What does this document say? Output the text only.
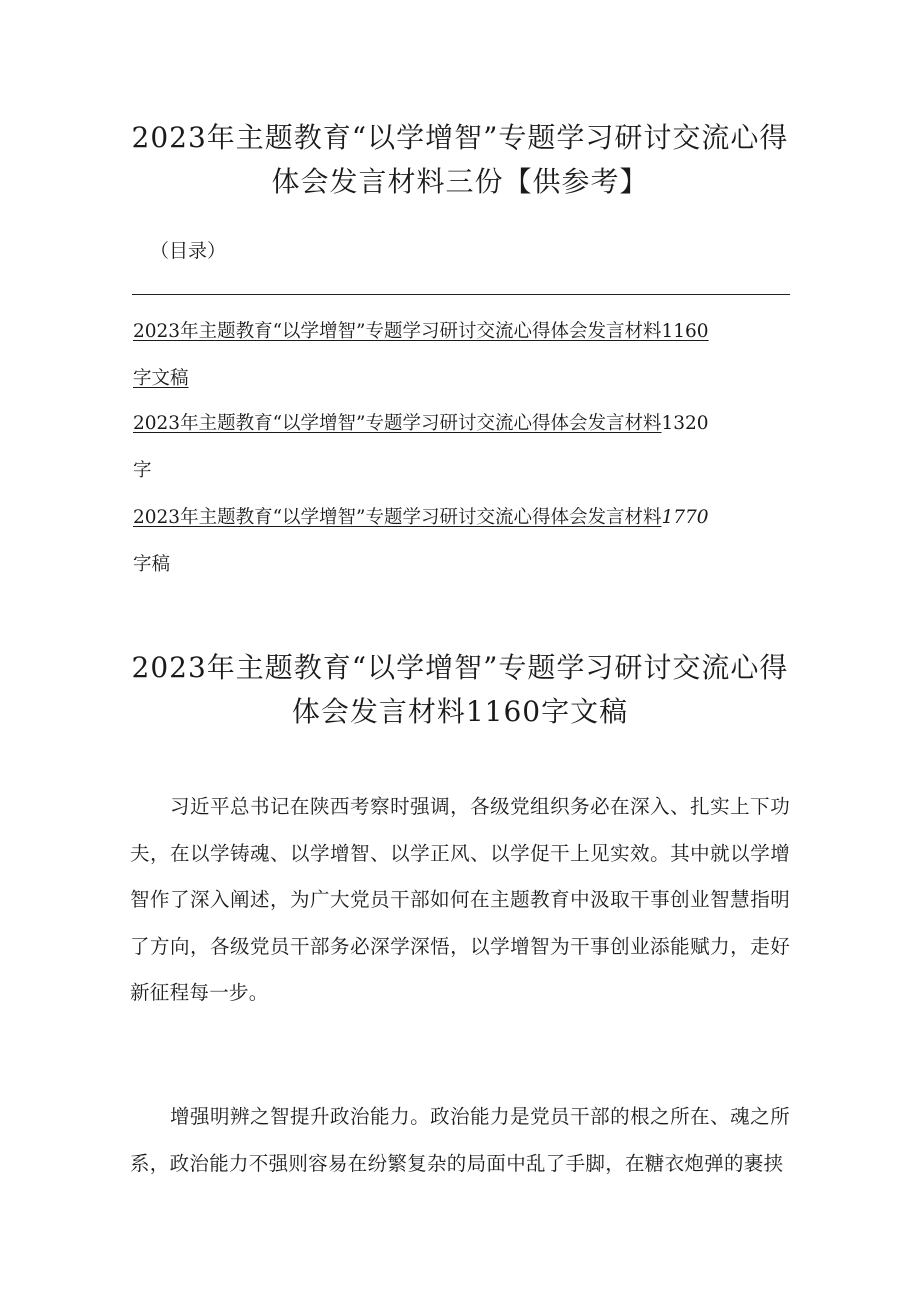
2023年主题教育“以学增智”专题学习研讨交流心得
体会发言材料三份【供参考】
（目录）
2023年主题教育“以学增智”专题学习研讨交流心得体会发言材料1160
字文稿
2023年主题教育“以学增智”专题学习研讨交流心得体会发言材料1320
字
2023年主题教育“以学增智”专题学习研讨交流心得体会发言材料1770
字稿
2023年主题教育“以学增智”专题学习研讨交流心得
体会发言材料1160字文稿

习近平总书记在陕西考察时强调，各级党组织务必在深入、扎实上下功夫，在以学铸魂、以学增智、以学正风、以学促干上见实效。其中就以学增智作了深入阐述，为广大党员干部如何在主题教育中汲取干事创业智慧指明了方向，各级党员干部务必深学深悟，以学增智为干事创业添能赋力，走好新征程每一步。

增强明辨之智提升政治能力。政治能力是党员干部的根之所在、魂之所系，政治能力不强则容易在纷繁复杂的局面中乱了手脚，在糖衣炮弹的裹挟
